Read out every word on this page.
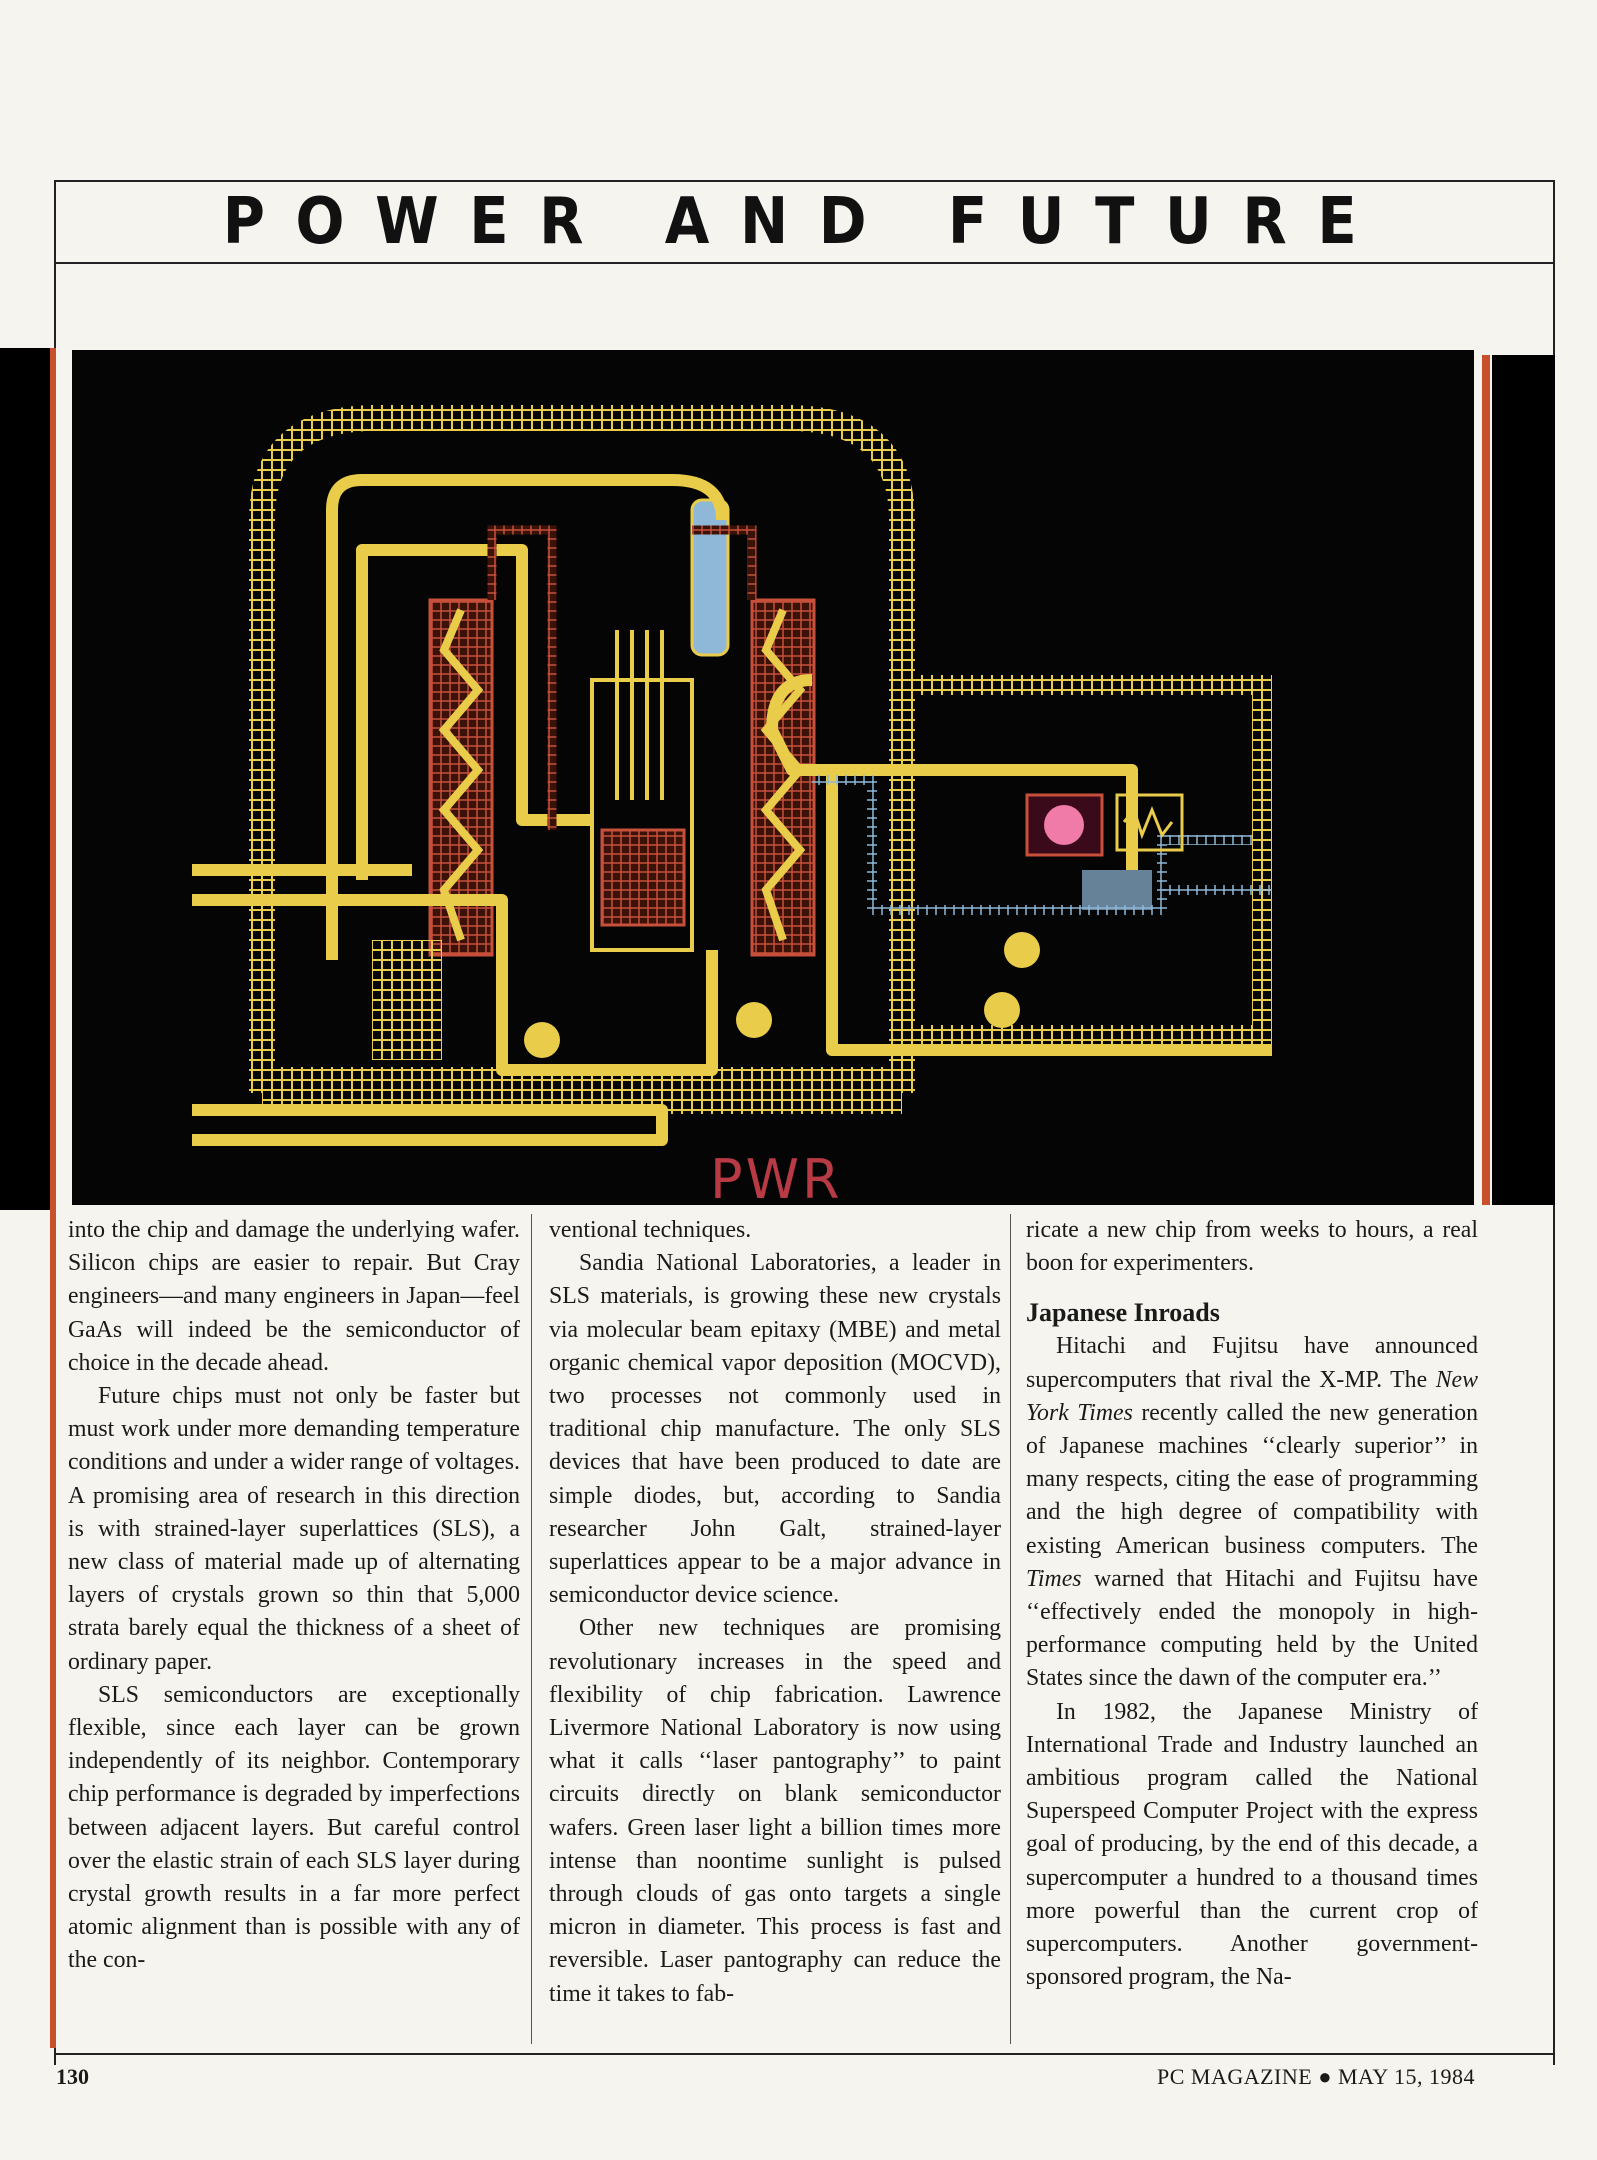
POWER AND FUTURE
PWR

into the chip and damage the underlying wafer. Silicon chips are easier to repair. But Cray engineers—and many engineers in Japan—feel GaAs will indeed be the semiconductor of choice in the decade ahead.

Future chips must not only be faster but must work under more demanding temperature conditions and under a wider range of voltages. A promising area of research in this direction is with strained-layer superlattices (SLS), a new class of material made up of alternating layers of crystals grown so thin that 5,000 strata barely equal the thickness of a sheet of ordinary paper.

SLS semiconductors are exceptionally flexible, since each layer can be grown independently of its neighbor. Contemporary chip performance is degraded by imperfections between adjacent layers. But careful control over the elastic strain of each SLS layer during crystal growth results in a far more perfect atomic alignment than is possible with any of the con-

ventional techniques.

Sandia National Laboratories, a leader in SLS materials, is growing these new crystals via molecular beam epitaxy (MBE) and metal organic chemical vapor deposition (MOCVD), two processes not commonly used in traditional chip manufacture. The only SLS devices that have been produced to date are simple diodes, but, according to Sandia researcher John Galt, strained-layer superlattices appear to be a major advance in semiconductor device science.

Other new techniques are promising revolutionary increases in the speed and flexibility of chip fabrication. Lawrence Livermore National Laboratory is now using what it calls ‘‘laser pantography’’ to paint circuits directly on blank semiconductor wafers. Green laser light a billion times more intense than noontime sunlight is pulsed through clouds of gas onto targets a single micron in diameter. This process is fast and reversible. Laser pantography can reduce the time it takes to fab-

ricate a new chip from weeks to hours, a real boon for experimenters.

Japanese Inroads

Hitachi and Fujitsu have announced supercomputers that rival the X-MP. The New York Times recently called the new generation of Japanese machines ‘‘clearly superior’’ in many respects, citing the ease of programming and the high degree of compatibility with existing American business computers. The Times warned that Hitachi and Fujitsu have ‘‘effectively ended the monopoly in high-performance computing held by the United States since the dawn of the computer era.’’

In 1982, the Japanese Ministry of International Trade and Industry launched an ambitious program called the National Superspeed Computer Project with the express goal of producing, by the end of this decade, a supercomputer a hundred to a thousand times more powerful than the current crop of supercomputers. Another government-sponsored program, the Na-

130	PC MAGAZINE ● MAY 15, 1984
